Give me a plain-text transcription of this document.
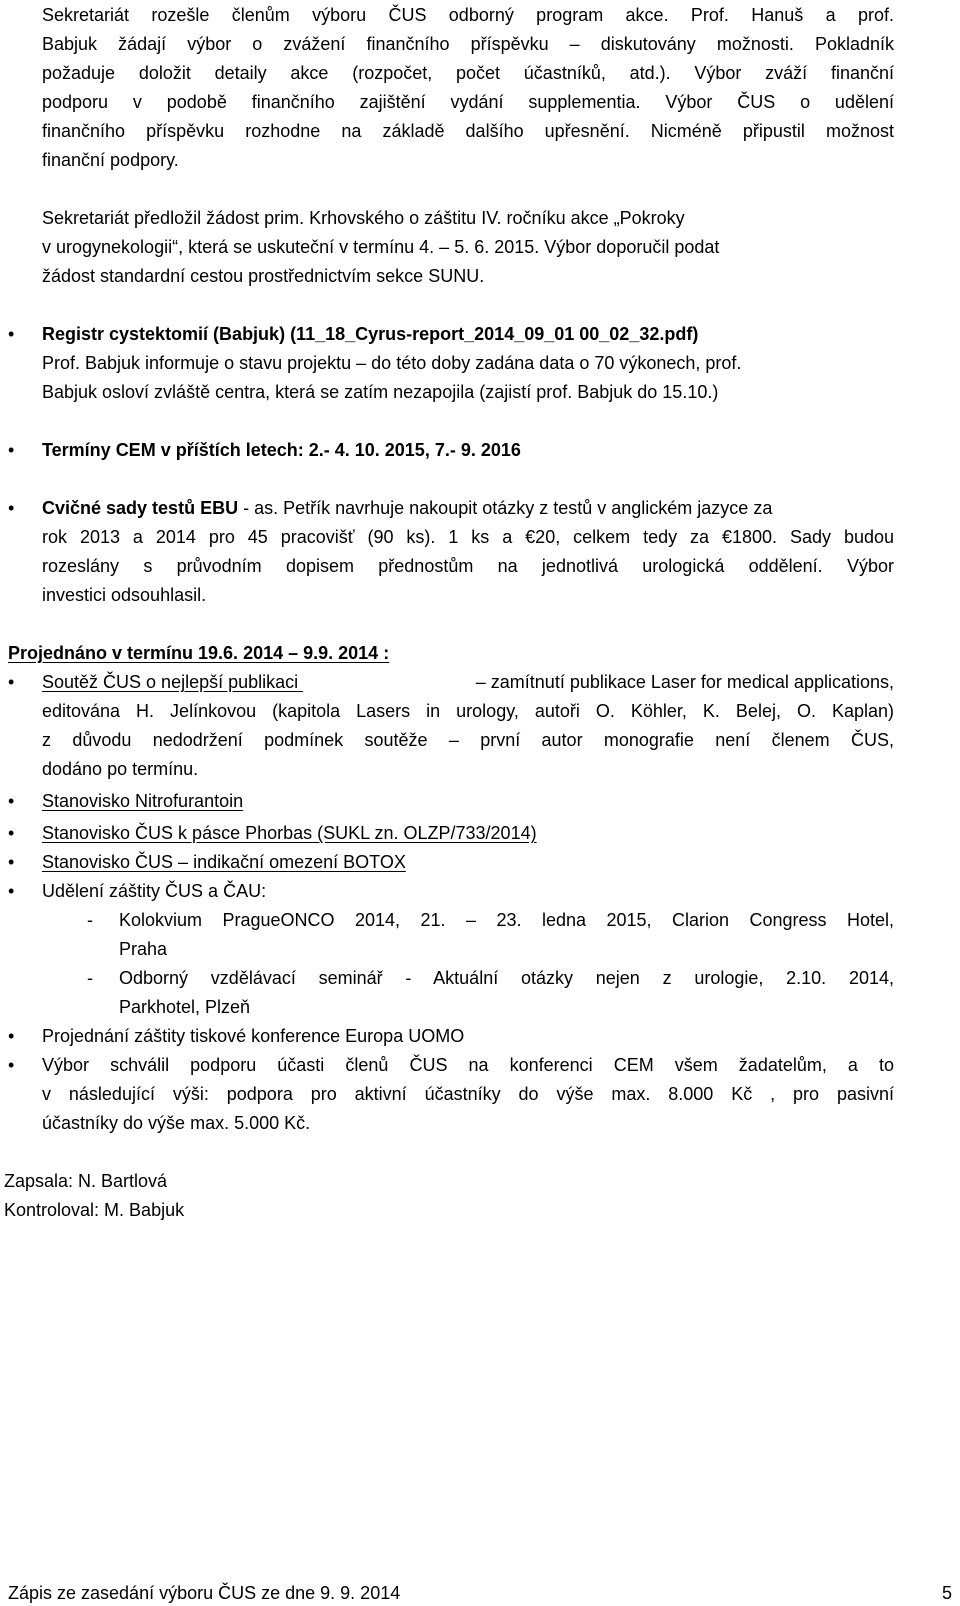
Sekretariát rozešle členům výboru ČUS odborný program akce. Prof. Hanuš a prof.

Babjuk žádají výbor o zvážení finančního příspěvku – diskutovány možnosti. Pokladník

požaduje doložit detaily akce (rozpočet, počet účastníků, atd.). Výbor zváží finanční

podporu v podobě finančního zajištění vydání supplementia. Výbor ČUS o udělení

finančního příspěvku rozhodne na základě dalšího upřesnění. Nicméně připustil možnost

finanční podpory.

Sekretariát předložil žádost prim. Krhovského o záštitu IV. ročníku akce „Pokroky

v urogynekologii“, která se uskuteční v termínu 4. – 5. 6. 2015. Výbor doporučil podat

žádost standardní cestou prostřednictvím sekce SUNU.

•	Registr cystektomií (Babjuk) (11_18_Cyrus-report_2014_09_01 00_02_32.pdf)

Prof. Babjuk informuje o stavu projektu – do této doby zadána data o 70 výkonech, prof.

Babjuk osloví zvláště centra, která se zatím nezapojila (zajistí prof. Babjuk do 15.10.)

•	Termíny CEM v příštích letech: 2.- 4. 10. 2015, 7.- 9. 2016

•	Cvičné sady testů EBU - as. Petřík navrhuje nakoupit otázky z testů v anglickém jazyce za

rok 2013 a 2014 pro 45 pracovišť (90 ks). 1 ks a €20, celkem tedy za €1800. Sady budou

rozeslány s průvodním dopisem přednostům na jednotlivá urologická oddělení. Výbor

investici odsouhlasil.

Projednáno v termínu 19.6. 2014 – 9.9. 2014 :

•	Soutěž ČUS o nejlepší publikaci	– zamítnutí publikace Laser for medical applications,

editována H. Jelínkovou (kapitola Lasers in urology, autoři O. Köhler, K. Belej, O. Kaplan)

z důvodu nedodržení podmínek soutěže – první autor monografie není členem ČUS,

dodáno po termínu.

•	Stanovisko Nitrofurantoin

•	Stanovisko ČUS k pásce Phorbas (SUKL zn. OLZP/733/2014)

•	Stanovisko ČUS – indikační omezení BOTOX

•	Udělení záštity ČUS a ČAU:

- Kolokvium PragueONCO 2014, 21. – 23. ledna 2015, Clarion Congress Hotel,

Praha

- Odborný vzdělávací seminář - Aktuální otázky nejen z urologie, 2.10. 2014,

Parkhotel, Plzeň

•	Projednání záštity tiskové konference Europa UOMO

•	Výbor schválil podporu účasti členů ČUS na konferenci CEM všem žadatelům, a to

v následující výši: podpora pro aktivní účastníky do výše max. 8.000 Kč , pro pasivní

účastníky do výše max. 5.000 Kč.

Zapsala: N. Bartlová

Kontroloval: M. Babjuk

Zápis ze zasedání výboru ČUS ze dne 9. 9. 2014	5
